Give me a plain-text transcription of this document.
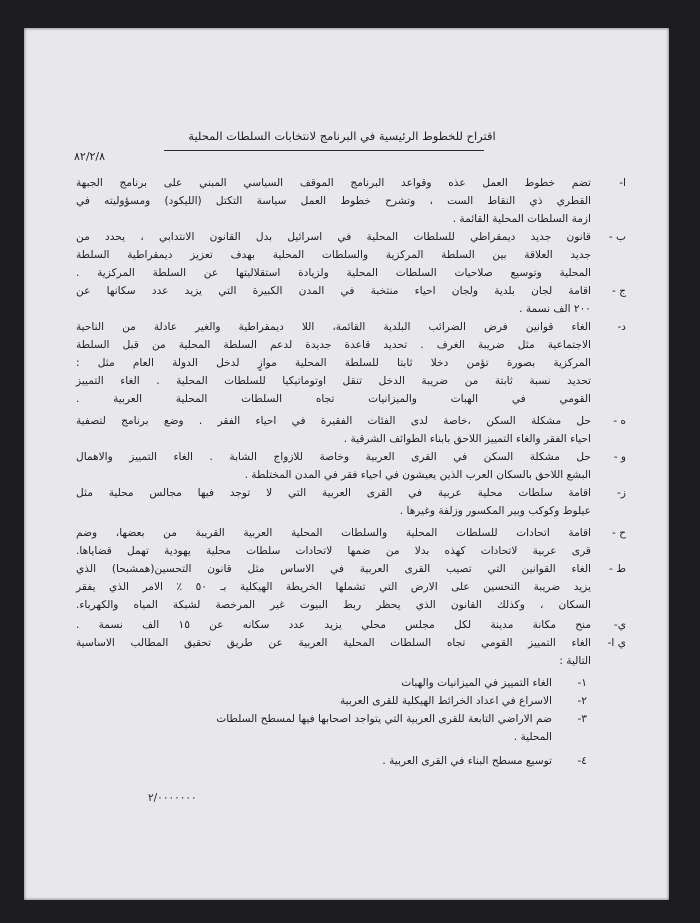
اقتراح للخطوط الرئيسية في البرنامج لانتخابات السلطات المحلية
٨٢/٢/٨
ا-
تضم خطوط العمل عذه وقواعد البرنامج الموقف السياسي المبني على برنامج الجبهة
القطري ذي النقاط الست ، وتشرح خطوط العمل سياسة التكتل (الليكود) ومسؤوليته في
ازمة السلطات المحلية القائمة .
ب -
قانون جديد ديمقراطي للسلطات المحلية في اسرائيل بدل القانون الانتدابي ، يحدد من
جديد العلاقة بين السلطة المركزية والسلطات المحلية بهدف تعزيز ديمقراطية السلطة
المحلية وتوسيع صلاحيات السلطات المحلية ولزيادة استقلاليتها عن السلطة المركزية .
ج -
اقامة لجان بلدية ولجان احياء منتخبة في المدن الكبيرة التي يزيد عدد سكانها عن
٢٠٠ الف نسمة .
د-
الغاء قوانين فرض الضرائب البلدية القائمة، اللا ديمقراطية والغير عادلة من الناحية
الاجتماعية مثل ضريبة الغرف . تحديد قاعدة جديدة لدعم السلطة المحلية من قبل السلطة
المركزية بصورة تؤمن دخلا ثابتا للسلطة المحلية موازٍ لدخل الدولة العام مثل :
تحديد نسبة ثابتة من ضريبة الدخل تنقل اوتوماتيكيا للسلطات المحلية . الغاء التمييز
القومي في الهبات والميزانيات تجاه السلطات المحلية العربية .
ه -
حل مشكلة السكن ،خاصة لدى الفئات الفقيرة في احياء الفقر . وضع برنامج لتصفية
احياء الفقر والغاء التمييز اللاحق بابناء الطوائف الشرقية .
و -
حل مشكلة السكن في القرى العربية وخاصة للازواج الشابة . الغاء التمييز والاهمال
البشع اللاحق بالسكان العرب الذين يعيشون في احياء فقر في المدن المختلطة .
ز-
اقامة سلطات محلية عربية في القرى العربية التي لا توجد فيها مجالس محلية مثل
عيلوط وكوكب وبير المكسور وزلفة وغيرها .
ح -
اقامة اتحادات للسلطات المحلية والسلطات المحلية العربية القريبة من بعضها، وضم
قرى عربية لاتحادات كهذه بدلا من ضمها لاتحادات سلطات محلية يهودية تهمل قضاياها.
ط -
الغاء القوانين التي تصيب القرى العربية في الاساس مثل قانون التحسين(همشبحا) الذي
يزيد ضريبة التحسين على الارض التي تشملها الخريطة الهيكلية بـ ٥٠ ٪ الامر الذي يفقر
السكان ، وكذلك القانون الذي يحظر ربط البيوت غير المرخصة لشبكة المياه والكهرباء.
ي-
منح مكانة مدينة لكل مجلس محلي يزيد عدد سكانه عن ١٥ الف نسمة .
ي ا-
الغاء التمييز القومي تجاه السلطات المحلية العربية عن طريق تحقيق المطالب الاساسية
التالية :
١-
الغاء التمييز في الميزانيات والهبات
٢-
الاسراع في اعداد الخرائط الهيكلية للقرى العربية
٣-
ضم الاراضي التابعة للقرى العربية التي يتواجد اصحابها فيها لمسطح السلطات
المحلية .
٤-
توسيع مسطح البناء في القرى العربية .
٢/٠٠٠٠٠٠٠
